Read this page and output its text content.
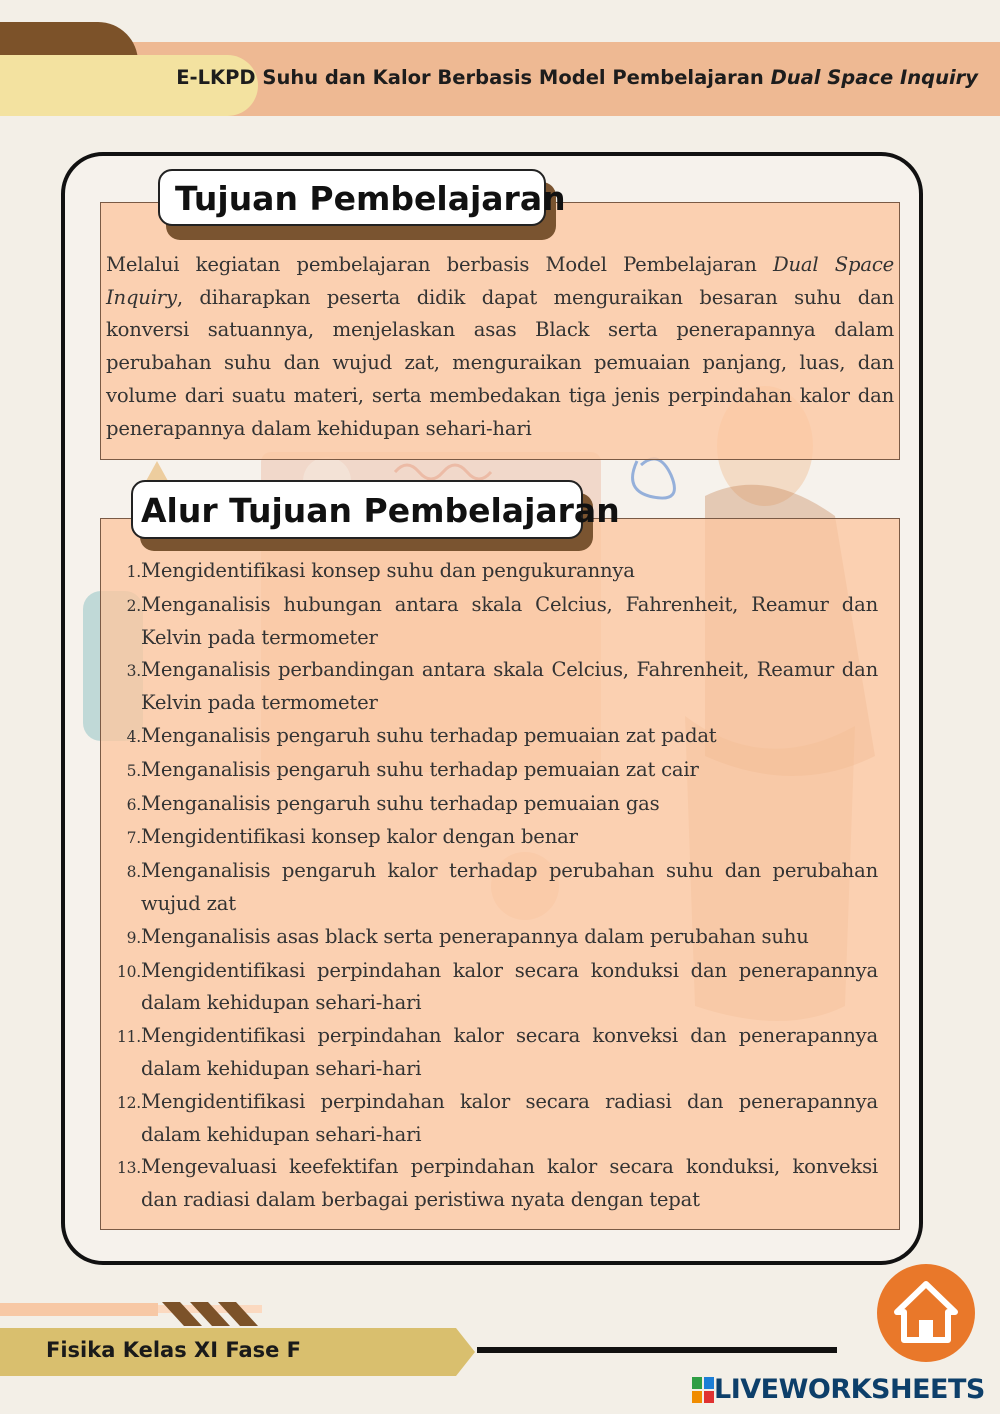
E-LKPD Suhu dan Kalor Berbasis Model Pembelajaran Dual Space Inquiry
Tujuan Pembelajaran
Melalui kegiatan pembelajaran berbasis Model Pembelajaran Dual Space Inquiry, diharapkan peserta didik dapat menguraikan besaran suhu dan konversi satuannya, menjelaskan asas Black serta penerapannya dalam perubahan suhu dan wujud zat, menguraikan pemuaian panjang, luas, dan volume dari suatu materi, serta membedakan tiga jenis perpindahan kalor dan penerapannya dalam kehidupan sehari-hari
Alur Tujuan Pembelajaran
1. Mengidentifikasi konsep suhu dan pengukurannya
2. Menganalisis hubungan antara skala Celcius, Fahrenheit, Reamur dan Kelvin pada termometer
3. Menganalisis perbandingan antara skala Celcius, Fahrenheit, Reamur dan Kelvin pada termometer
4. Menganalisis pengaruh suhu terhadap pemuaian zat padat
5. Menganalisis pengaruh suhu terhadap pemuaian zat cair
6. Menganalisis pengaruh suhu terhadap pemuaian gas
7. Mengidentifikasi konsep kalor dengan benar
8. Menganalisis pengaruh kalor terhadap perubahan suhu dan perubahan wujud zat
9. Menganalisis asas black serta penerapannya dalam perubahan suhu
10. Mengidentifikasi perpindahan kalor secara konduksi dan penerapannya dalam kehidupan sehari-hari
11. Mengidentifikasi perpindahan kalor secara konveksi dan penerapannya dalam kehidupan sehari-hari
12. Mengidentifikasi perpindahan kalor secara radiasi dan penerapannya dalam kehidupan sehari-hari
13. Mengevaluasi keefektifan perpindahan kalor secara konduksi, konveksi dan radiasi dalam berbagai peristiwa nyata dengan tepat
Fisika Kelas XI Fase F
LIVEWORKSHEETS
